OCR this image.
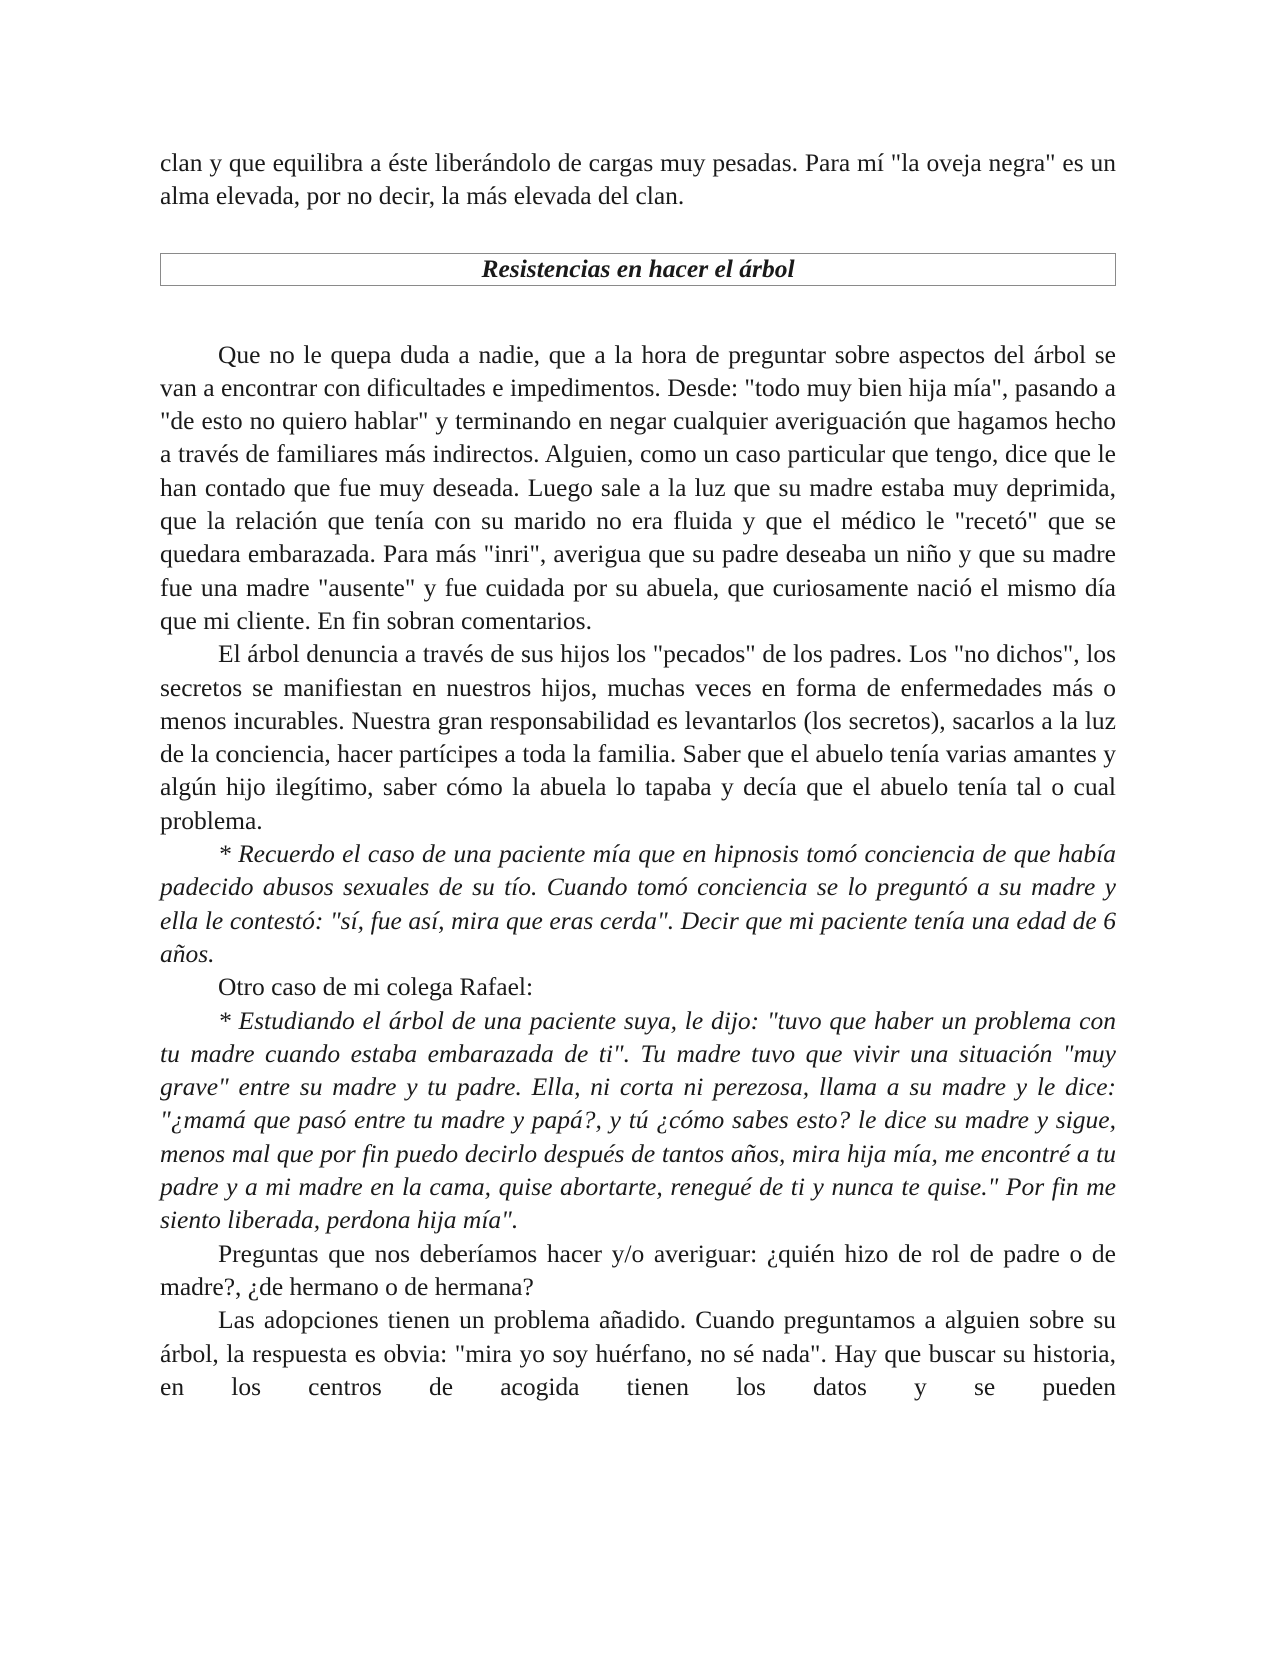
clan y que equilibra a éste liberándolo de cargas muy pesadas. Para mí "la oveja negra" es un alma elevada, por no decir, la más elevada del clan.

Resistencias en hacer el árbol

Que no le quepa duda a nadie, que a la hora de preguntar sobre aspectos del árbol se van a encontrar con dificultades e impedimentos. Desde: "todo muy bien hija mía", pasando a "de esto no quiero hablar" y terminando en negar cualquier averiguación que hagamos hecho a través de familiares más indirectos. Alguien, como un caso particular que tengo, dice que le han contado que fue muy deseada. Luego sale a la luz que su madre estaba muy deprimida, que la relación que tenía con su marido no era fluida y que el médico le "recetó" que se quedara embarazada. Para más "inri", averigua que su padre deseaba un niño y que su madre fue una madre "ausente" y fue cuidada por su abuela, que curiosamente nació el mismo día que mi cliente. En fin sobran comentarios.

El árbol denuncia a través de sus hijos los "pecados" de los padres. Los "no dichos", los secretos se manifiestan en nuestros hijos, muchas veces en forma de enfermedades más o menos incurables. Nuestra gran responsabilidad es levantarlos (los secretos), sacarlos a la luz de la conciencia, hacer partícipes a toda la familia. Saber que el abuelo tenía varias amantes y algún hijo ilegítimo, saber cómo la abuela lo tapaba y decía que el abuelo tenía tal o cual problema.

* Recuerdo el caso de una paciente mía que en hipnosis tomó conciencia de que había padecido abusos sexuales de su tío. Cuando tomó conciencia se lo preguntó a su madre y ella le contestó: "sí, fue así, mira que eras cerda". Decir que mi paciente tenía una edad de 6 años.

Otro caso de mi colega Rafael:

* Estudiando el árbol de una paciente suya, le dijo: "tuvo que haber un problema con tu madre cuando estaba embarazada de ti". Tu madre tuvo que vivir una situación "muy grave" entre su madre y tu padre. Ella, ni corta ni perezosa, llama a su madre y le dice: "¿mamá que pasó entre tu madre y papá?, y tú ¿cómo sabes esto? le dice su madre y sigue, menos mal que por fin puedo decirlo después de tantos años, mira hija mía, me encontré a tu padre y a mi madre en la cama, quise abortarte, renegué de ti y nunca te quise." Por fin me siento liberada, perdona hija mía".

Preguntas que nos deberíamos hacer y/o averiguar: ¿quién hizo de rol de padre o de madre?, ¿de hermano o de hermana?

Las adopciones tienen un problema añadido. Cuando preguntamos a alguien sobre su árbol, la respuesta es obvia: "mira yo soy huérfano, no sé nada". Hay que buscar su historia, en los centros de acogida tienen los datos y se pueden
